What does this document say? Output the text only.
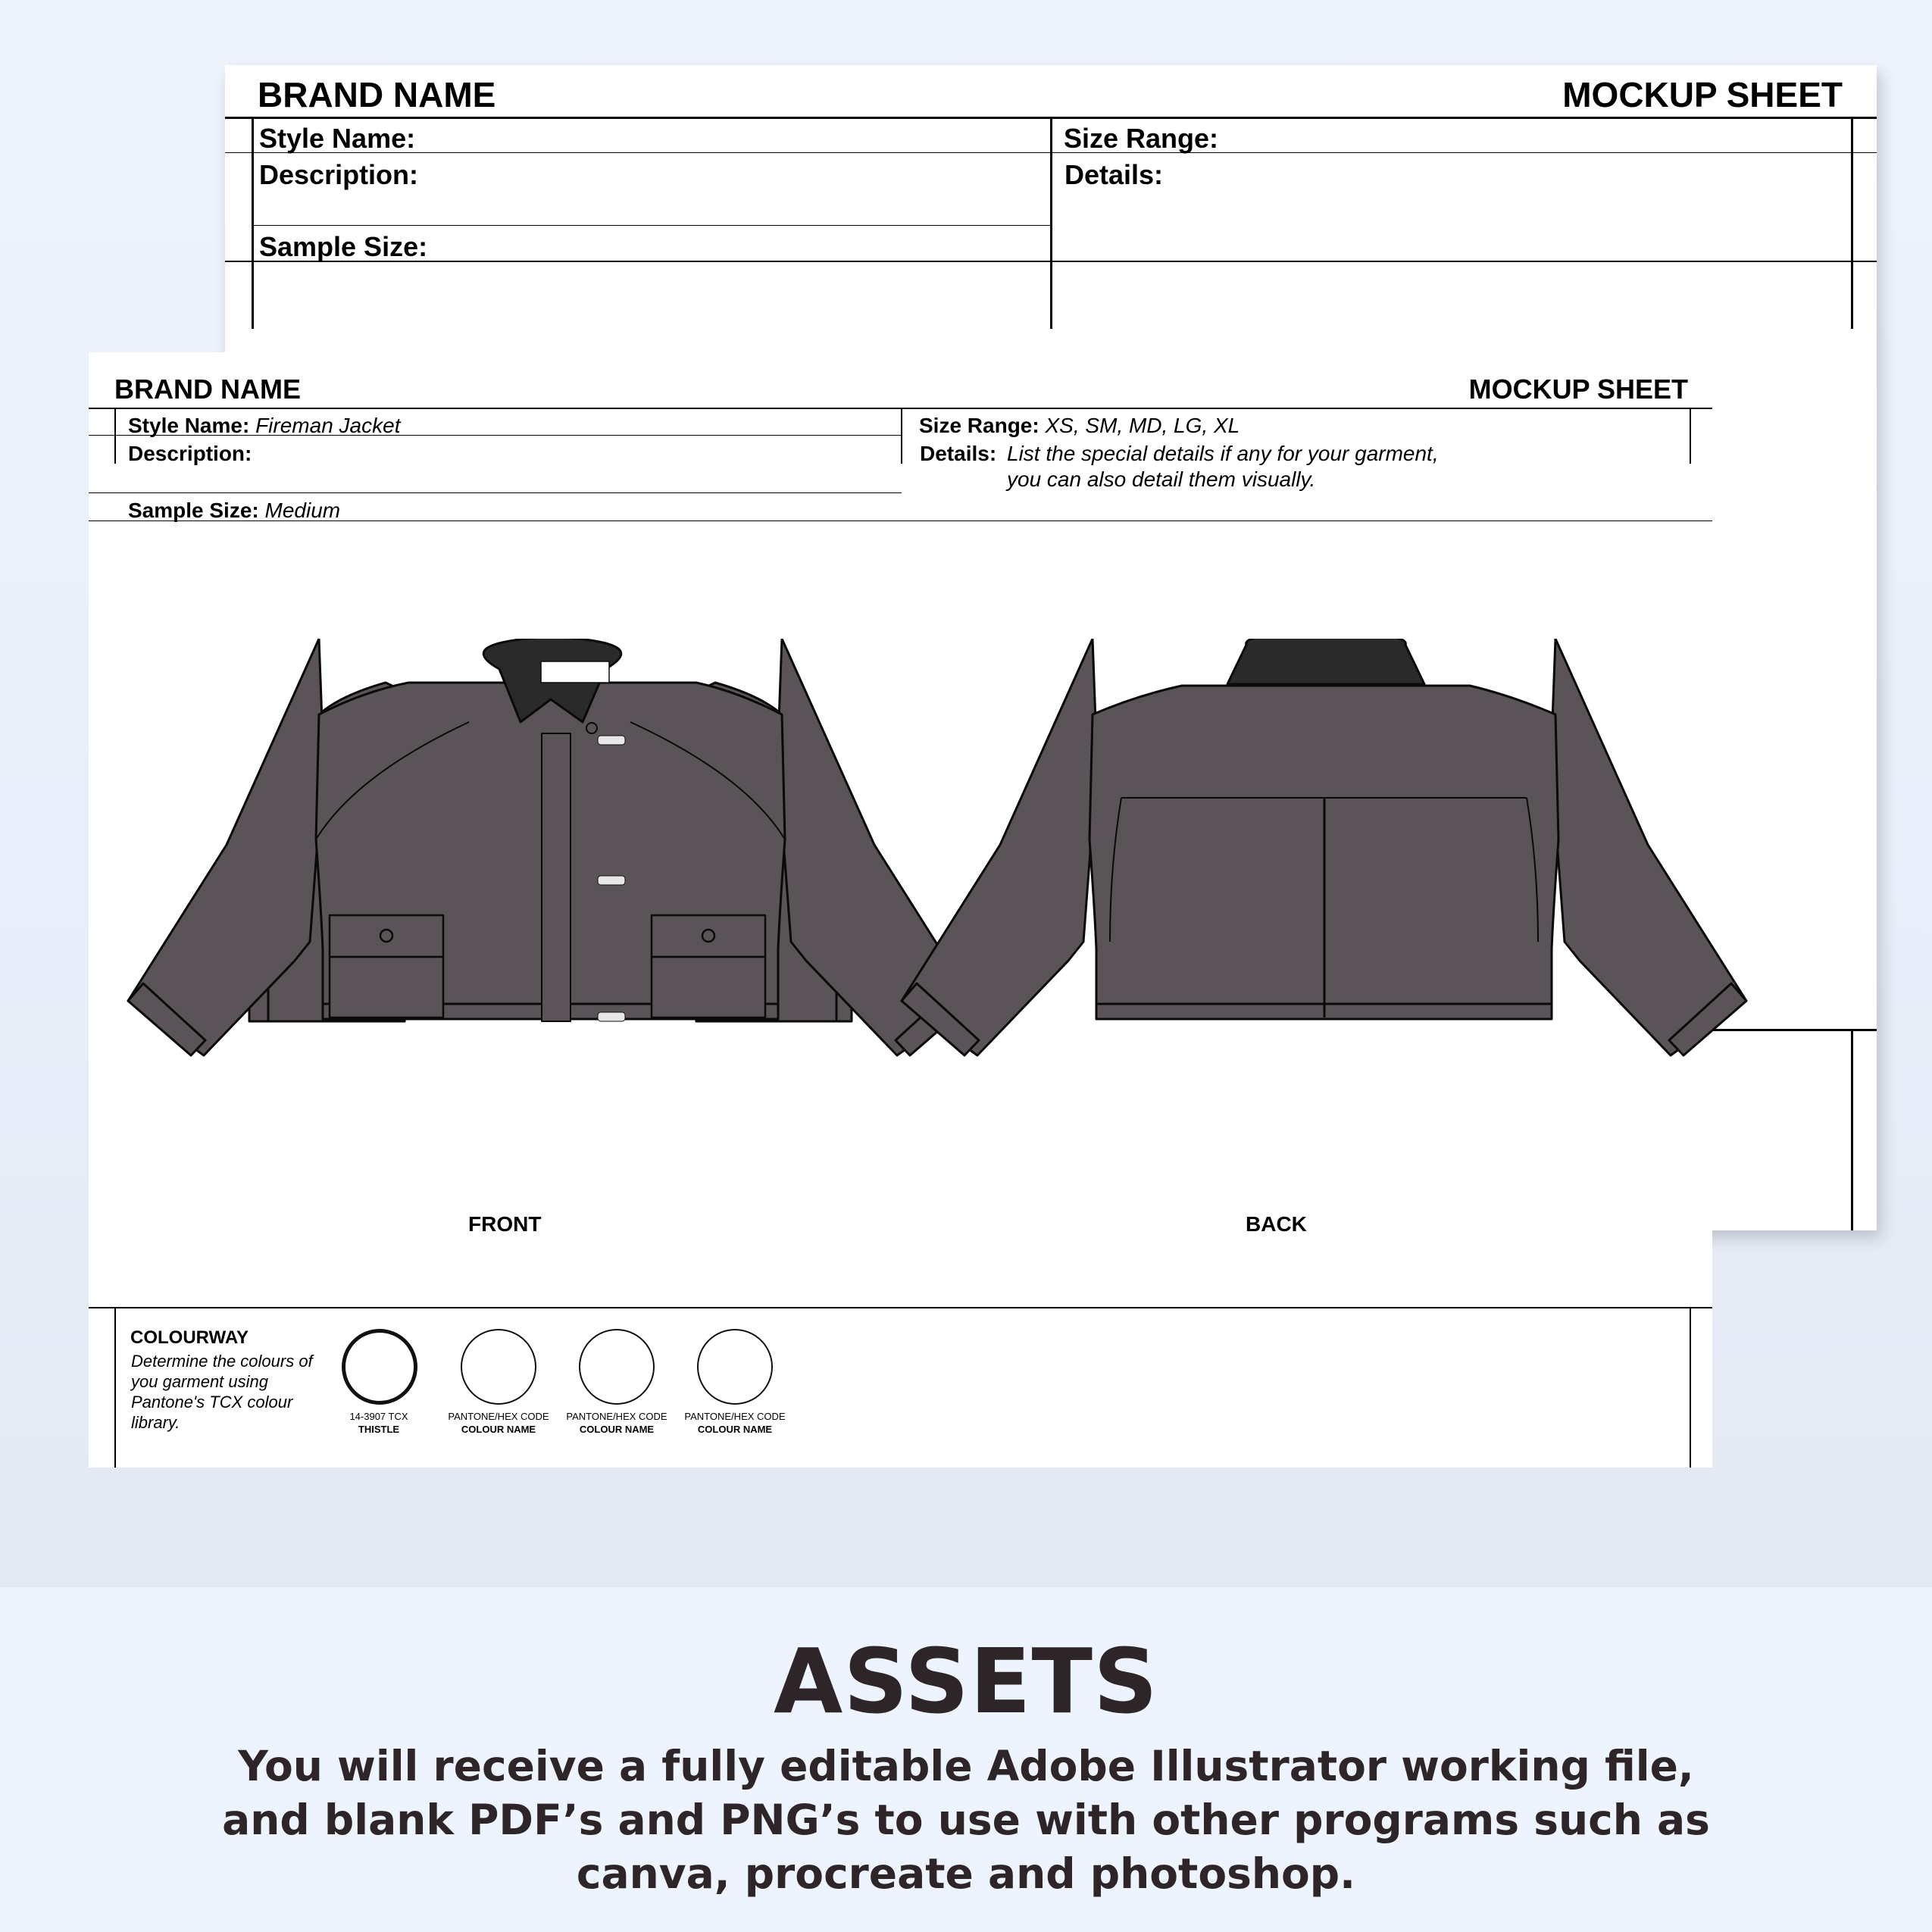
BRAND NAME	MOCKUP SHEET
Style Name:	Size Range:
Description:	Details:
Sample Size:
BRAND NAME	MOCKUP SHEET
Style Name: Fireman Jacket	Size Range: XS, SM, MD, LG, XL
Description:	Details: List the special details if any for your garment,
you can also detail them visually.
Sample Size: Medium
FRONT	BACK
COLOURWAY
Determine the colours of you garment using Pantone's TCX colour library.	14-3907 TCX
THISTLE
PANTONE/HEX CODE
COLOUR NAME
PANTONE/HEX CODE
COLOUR NAME
PANTONE/HEX CODE
COLOUR NAME
ASSETS

You will receive a fully editable Adobe Illustrator working file,
and blank PDF’s and PNG’s to use with other programs such as
canva, procreate and photoshop.
